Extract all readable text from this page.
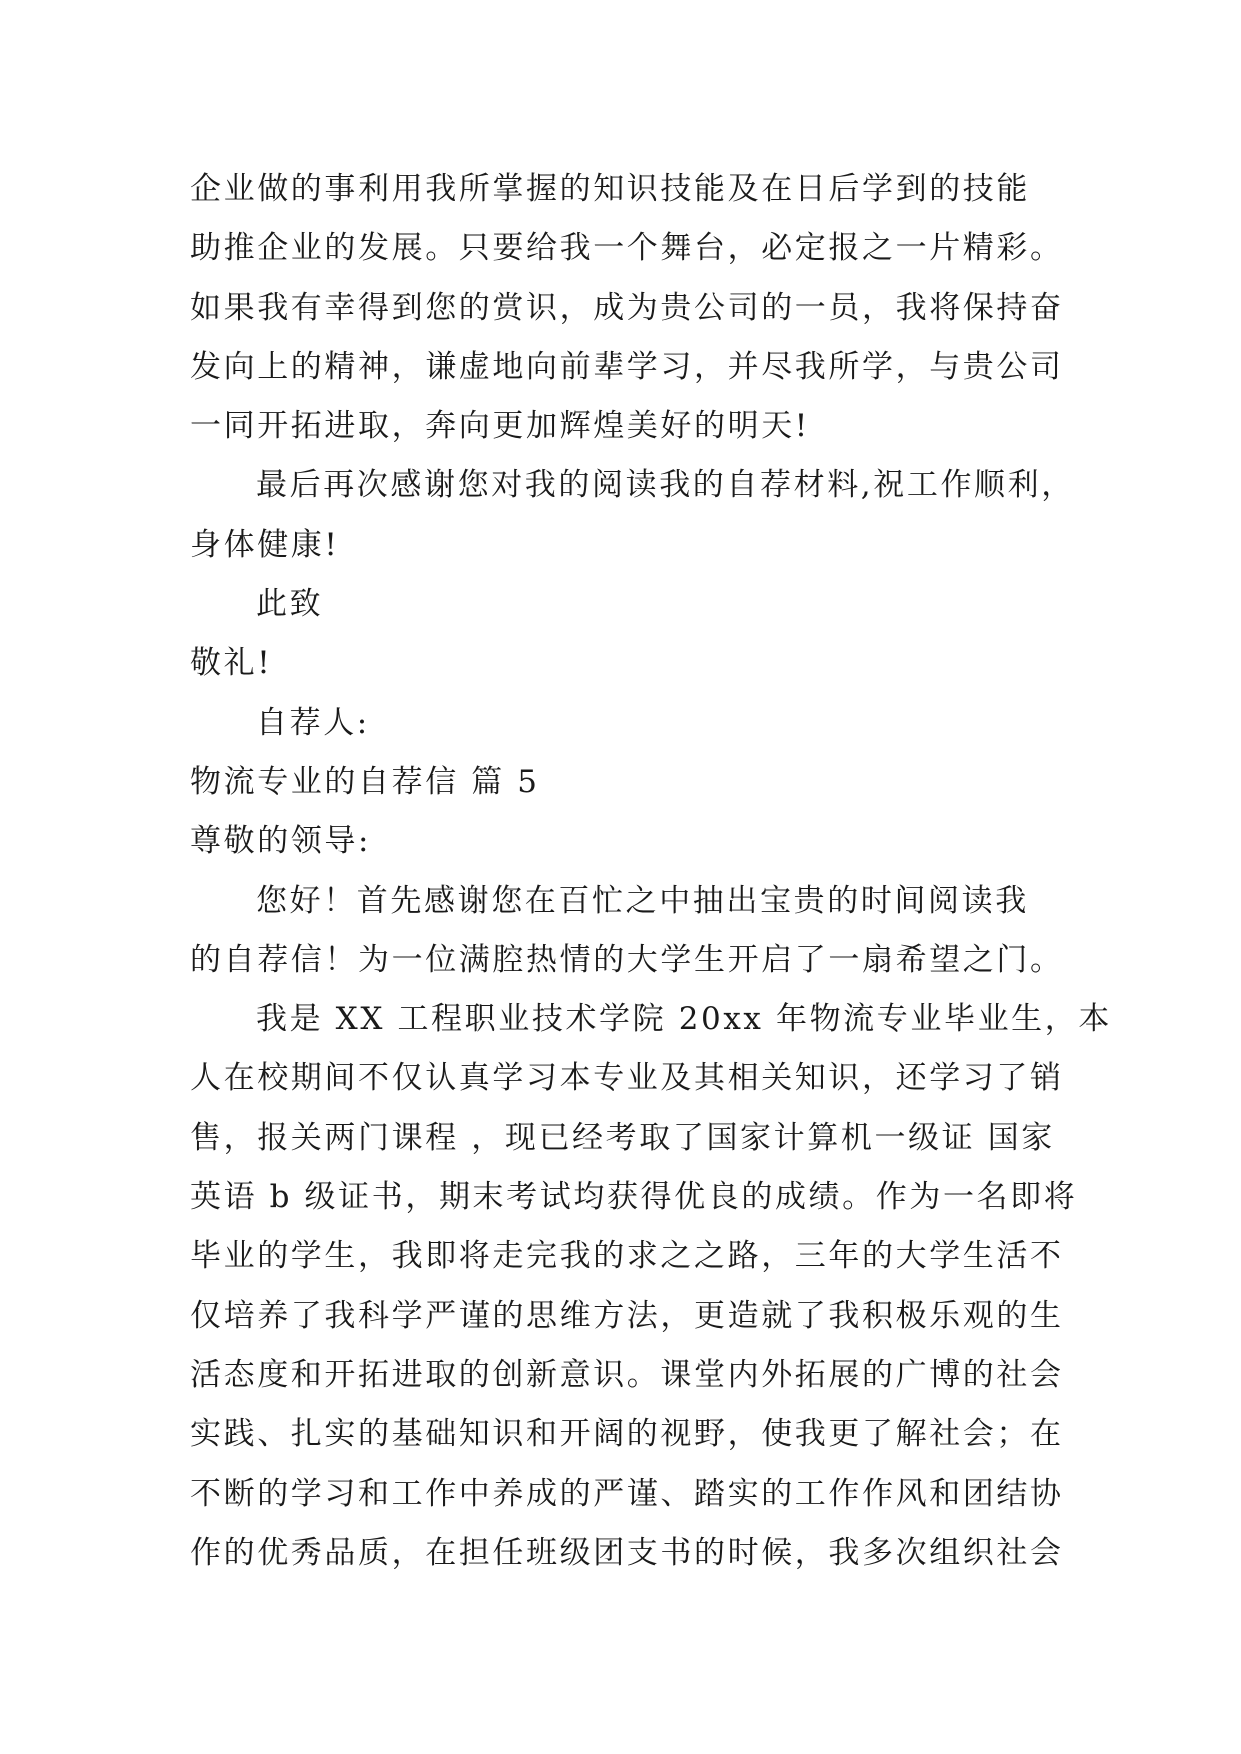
企业做的事利用我所掌握的知识技能及在日后学到的技能
助推企业的发展。只要给我一个舞台，必定报之一片精彩。
如果我有幸得到您的赏识，成为贵公司的一员，我将保持奋
发向上的精神，谦虚地向前辈学习，并尽我所学，与贵公司
一同开拓进取，奔向更加辉煌美好的明天!
最后再次感谢您对我的阅读我的自荐材料,祝工作顺利，
身体健康!
此致
敬礼!
自荐人:
物流专业的自荐信 篇 5
尊敬的领导:
您好！首先感谢您在百忙之中抽出宝贵的时间阅读我
的自荐信！为一位满腔热情的大学生开启了一扇希望之门。
我是 XX 工程职业技术学院 20xx 年物流专业毕业生，本
人在校期间不仅认真学习本专业及其相关知识，还学习了销
售，报关两门课程 ，现已经考取了国家计算机一级证 国家
英语 b 级证书，期末考试均获得优良的成绩。作为一名即将
毕业的学生，我即将走完我的求之之路，三年的大学生活不
仅培养了我科学严谨的思维方法，更造就了我积极乐观的生
活态度和开拓进取的创新意识。课堂内外拓展的广博的社会
实践、扎实的基础知识和开阔的视野，使我更了解社会；在
不断的学习和工作中养成的严谨、踏实的工作作风和团结协
作的优秀品质，在担任班级团支书的时候，我多次组织社会
